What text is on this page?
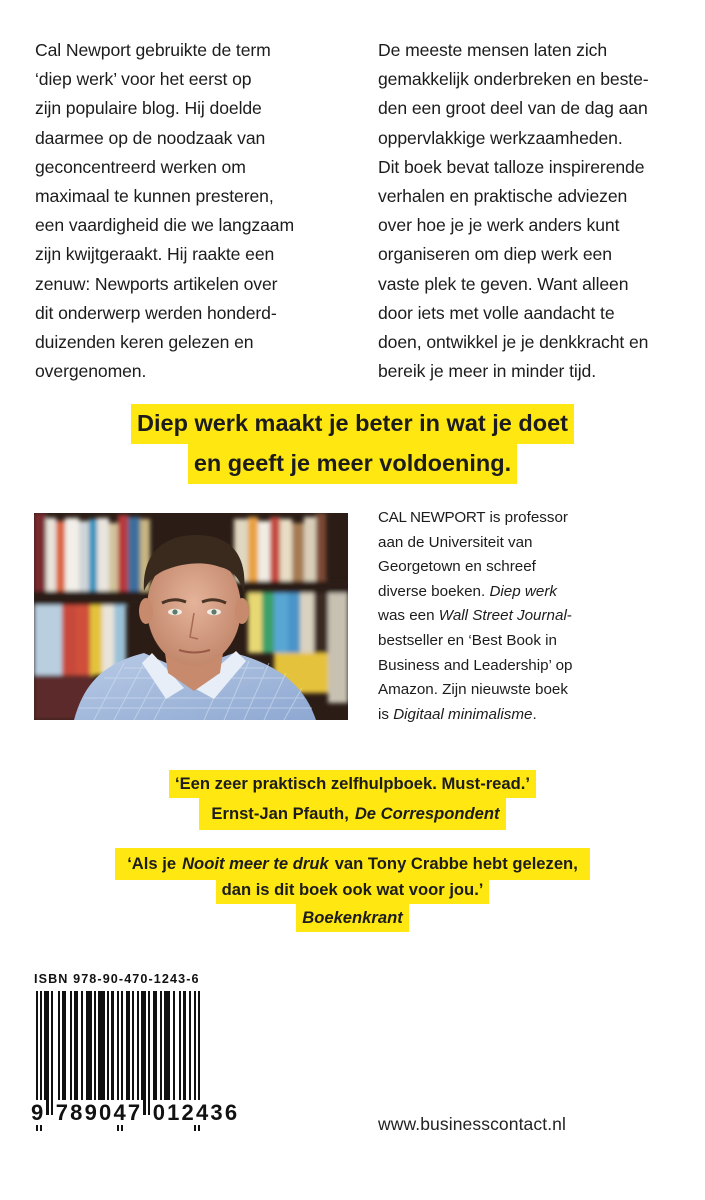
Cal Newport gebruikte de term

‘diep werk’ voor het eerst op

zijn populaire blog. Hij doelde

daarmee op de noodzaak van

geconcentreerd werken om

maximaal te kunnen presteren,

een vaardigheid die we langzaam

zijn kwijtgeraakt. Hij raakte een

zenuw: Newports artikelen over

dit onderwerp werden honderd-

duizenden keren gelezen en

overgenomen.

De meeste mensen laten zich

gemakkelijk onderbreken en beste-

den een groot deel van de dag aan

oppervlakkige werkzaamheden.

Dit boek bevat talloze inspirerende

verhalen en praktische adviezen

over hoe je je werk anders kunt

organiseren om diep werk een

vaste plek te geven. Want alleen

door iets met volle aandacht te

doen, ontwikkel je je denkkracht en

bereik je meer in minder tijd.

Diep werk maakt je beter in wat je doet
en geeft je meer voldoening.

CAL NEWPORT is professor

aan de Universiteit van

Georgetown en schreef

diverse boeken. Diep werk

was een Wall Street Journal-

bestseller en ‘Best Book in

Business and Leadership’ op

Amazon. Zijn nieuwste boek

is Digitaal minimalisme.

‘Een zeer praktisch zelfhulpboek. Must-read.’
Ernst-Jan Pfauth,De Correspondent
‘Als jeNooit meer te drukvan Tony Crabbe hebt gelezen,
dan is dit boek ook wat voor jou.’
Boekenkrant
ISBN 978-90-470-1243-6
9 789047 012436	www.businesscontact.nl
